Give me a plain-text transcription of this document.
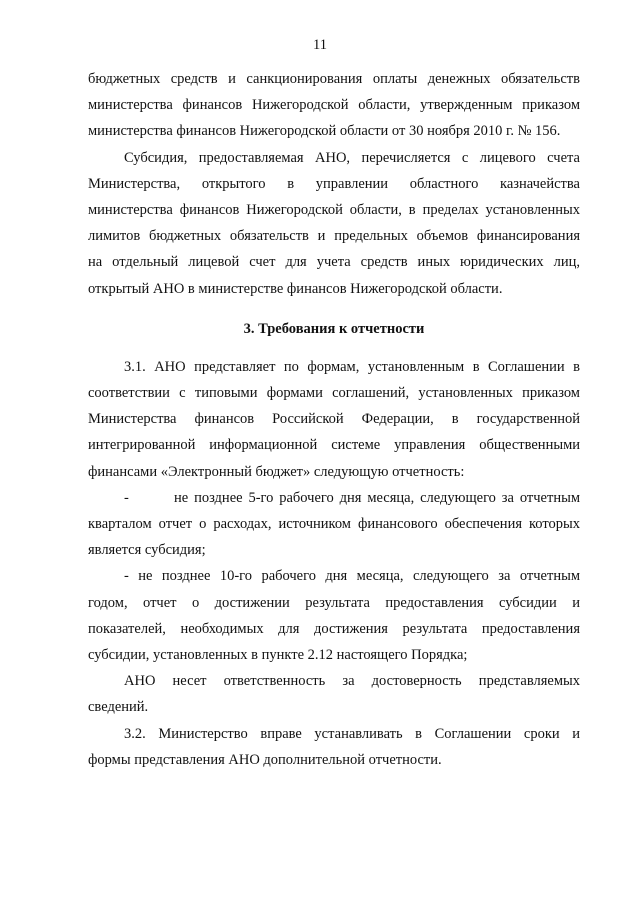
11
бюджетных средств и санкционирования оплаты денежных обязательств
министерства финансов Нижегородской области, утвержденным приказом
министерства финансов Нижегородской области от 30 ноября 2010 г. № 156.
Субсидия, предоставляемая АНО, перечисляется с лицевого счета
Министерства, открытого в управлении областного казначейства
министерства финансов Нижегородской области, в пределах установленных
лимитов бюджетных обязательств и предельных объемов финансирования
на отдельный лицевой счет для учета средств иных юридических лиц,
открытый АНО в министерстве финансов Нижегородской области.
3. Требования к отчетности
3.1. АНО представляет по формам, установленным в Соглашении в
соответствии с типовыми формами соглашений, установленных приказом
Министерства финансов Российской Федерации, в государственной
интегрированной информационной системе управления общественными
финансами «Электронный бюджет» следующую отчетность:
-	не позднее 5-го рабочего дня месяца, следующего за отчетным
кварталом отчет о расходах, источником финансового обеспечения которых
является субсидия;
- не позднее 10-го рабочего дня месяца, следующего за отчетным
годом, отчет о достижении результата предоставления субсидии и
показателей, необходимых для достижения результата предоставления
субсидии, установленных в пункте 2.12 настоящего Порядка;
АНО несет ответственность за достоверность представляемых
сведений.
3.2. Министерство вправе устанавливать в Соглашении сроки и
формы представления АНО дополнительной отчетности.
